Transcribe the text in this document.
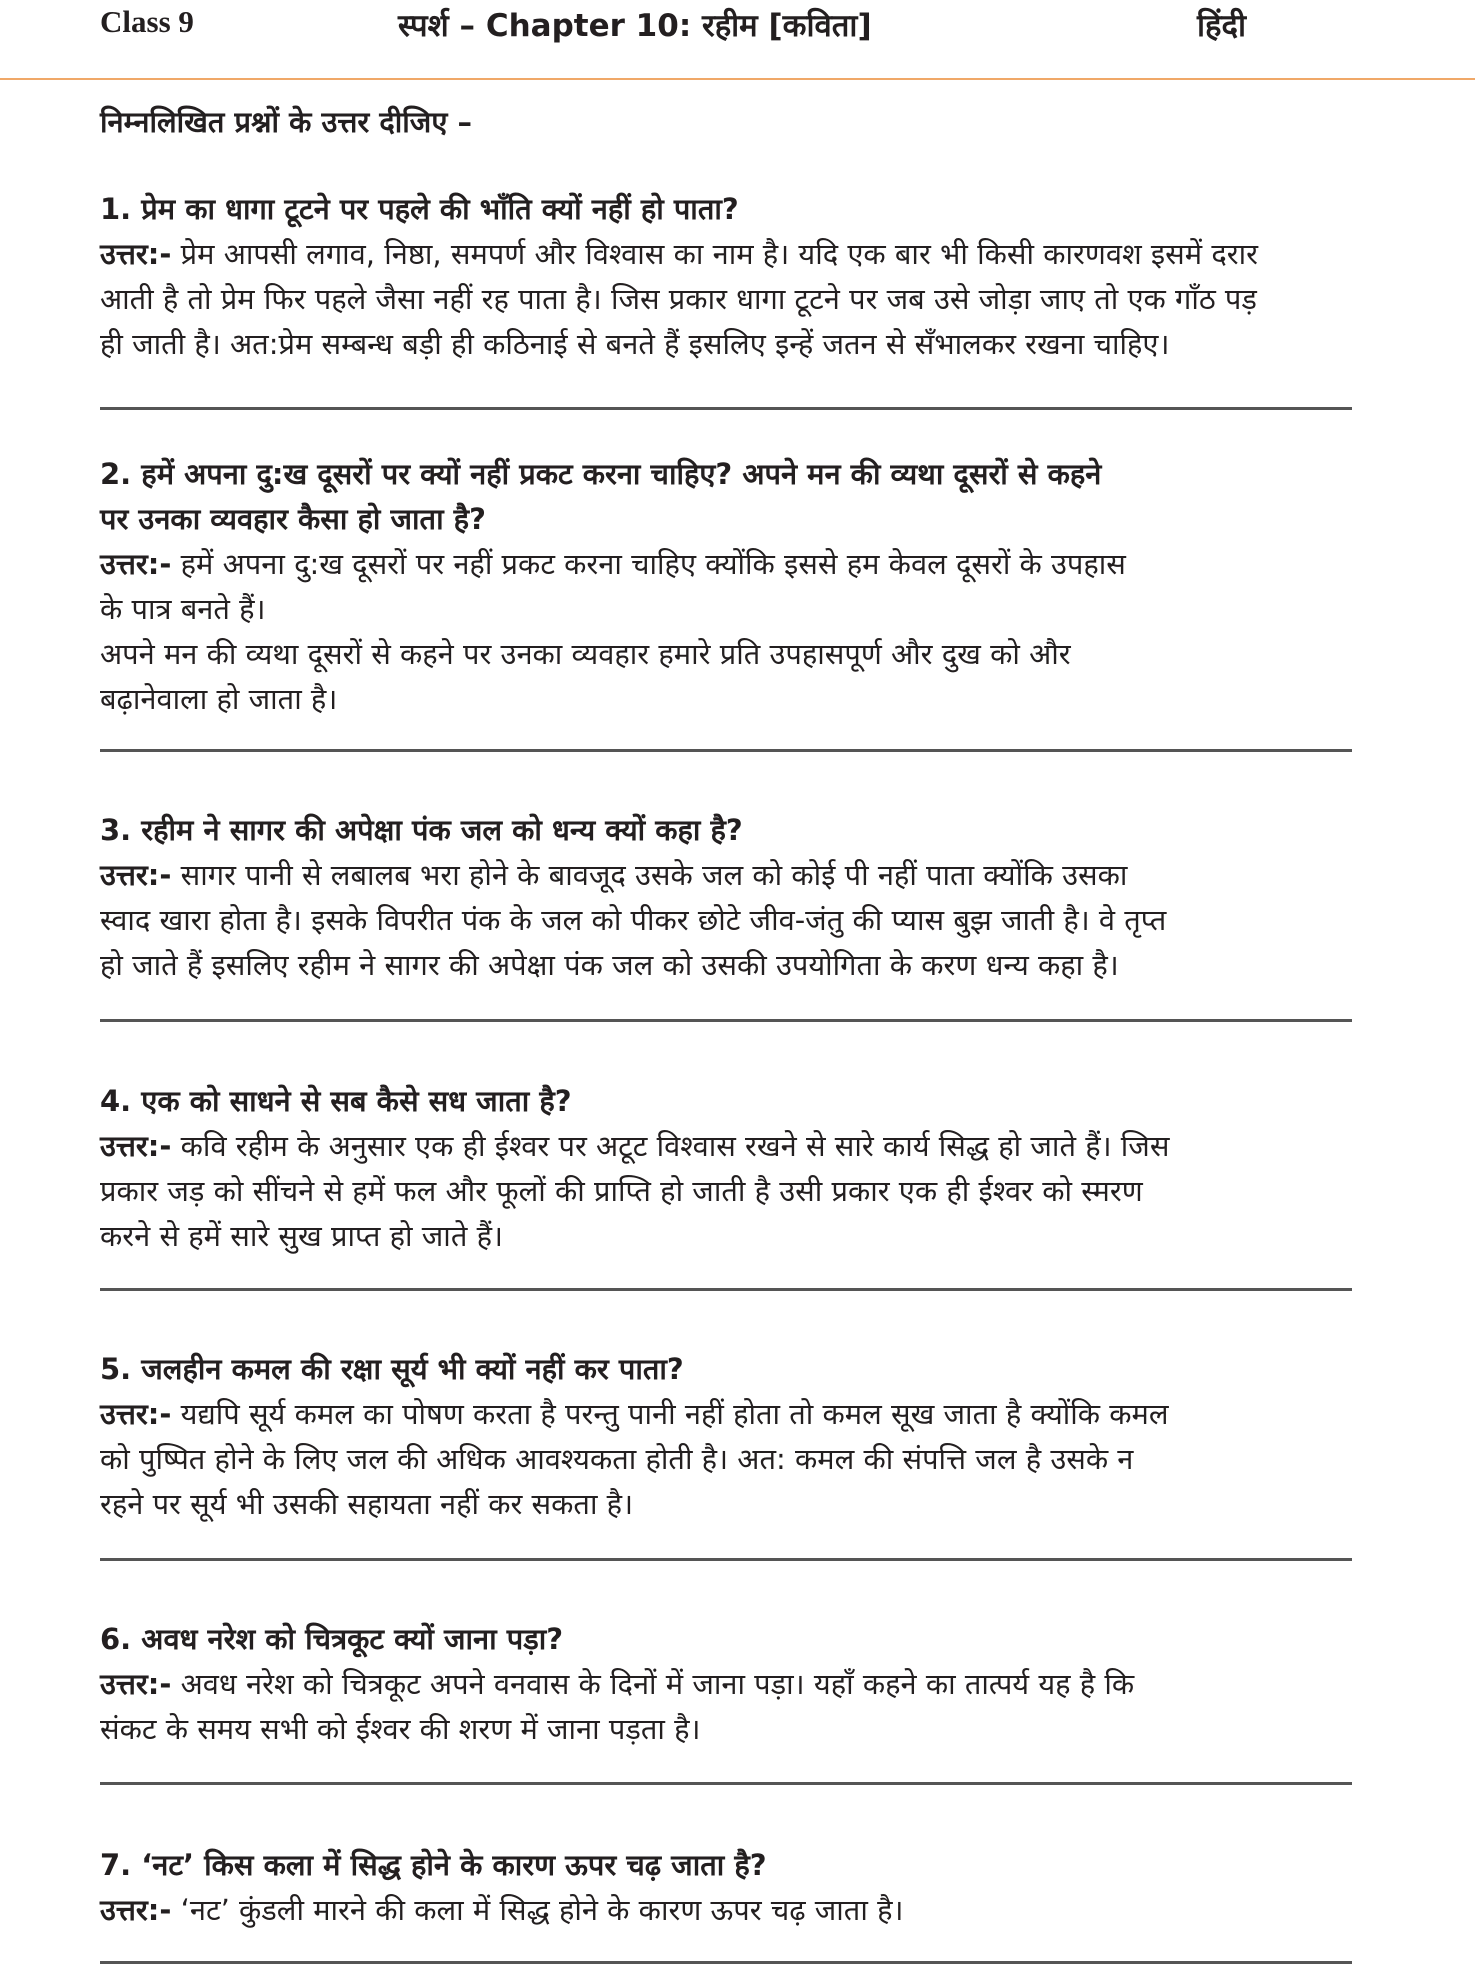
Class 9	स्पर्श – Chapter 10: रहीम [कविता]	हिंदी
निम्नलिखित प्रश्नों के उत्तर दीजिए –
1. प्रेम का धागा टूटने पर पहले की भाँति क्यों नहीं हो पाता?
उत्तर:- प्रेम आपसी लगाव, निष्ठा, समपर्ण और विश्वास का नाम है। यदि एक बार भी किसी कारणवश इसमें दरार
आती है तो प्रेम फिर पहले जैसा नहीं रह पाता है। जिस प्रकार धागा टूटने पर जब उसे जोड़ा जाए तो एक गाँठ पड़
ही जाती है। अत:प्रेम सम्बन्ध बड़ी ही कठिनाई से बनते हैं इसलिए इन्हें जतन से सँभालकर रखना चाहिए।
2. हमें अपना दु:ख दूसरों पर क्यों नहीं प्रकट करना चाहिए? अपने मन की व्यथा दूसरों से कहने
पर उनका व्यवहार कैसा हो जाता है?
उत्तर:- हमें अपना दु:ख दूसरों पर नहीं प्रकट करना चाहिए क्योंकि इससे हम केवल दूसरों के उपहास
के पात्र बनते हैं।
अपने मन की व्यथा दूसरों से कहने पर उनका व्यवहार हमारे प्रति उपहासपूर्ण और दुख को और
बढ़ानेवाला हो जाता है।
3. रहीम ने सागर की अपेक्षा पंक जल को धन्य क्यों कहा है?
उत्तर:- सागर पानी से लबालब भरा होने के बावजूद उसके जल को कोई पी नहीं पाता क्योंकि उसका
स्वाद खारा होता है। इसके विपरीत पंक के जल को पीकर छोटे जीव-जंतु की प्यास बुझ जाती है। वे तृप्त
हो जाते हैं इसलिए रहीम ने सागर की अपेक्षा पंक जल को उसकी उपयोगिता के करण धन्य कहा है।
4. एक को साधने से सब कैसे सध जाता है?
उत्तर:- कवि रहीम के अनुसार एक ही ईश्वर पर अटूट विश्वास रखने से सारे कार्य सिद्ध हो जाते हैं। जिस
प्रकार जड़ को सींचने से हमें फल और फूलों की प्राप्ति हो जाती है उसी प्रकार एक ही ईश्वर को स्मरण
करने से हमें सारे सुख प्राप्त हो जाते हैं।
5. जलहीन कमल की रक्षा सूर्य भी क्यों नहीं कर पाता?
उत्तर:- यद्यपि सूर्य कमल का पोषण करता है परन्तु पानी नहीं होता तो कमल सूख जाता है क्योंकि कमल
को पुष्पित होने के लिए जल की अधिक आवश्यकता होती है। अत: कमल की संपत्ति जल है उसके न
रहने पर सूर्य भी उसकी सहायता नहीं कर सकता है।
6. अवध नरेश को चित्रकूट क्यों जाना पड़ा?
उत्तर:- अवध नरेश को चित्रकूट अपने वनवास के दिनों में जाना पड़ा। यहाँ कहने का तात्पर्य यह है कि
संकट के समय सभी को ईश्वर की शरण में जाना पड़ता है।
7. ‘नट’ किस कला में सिद्ध होने के कारण ऊपर चढ़ जाता है?
उत्तर:- ‘नट’ कुंडली मारने की कला में सिद्ध होने के कारण ऊपर चढ़ जाता है।
